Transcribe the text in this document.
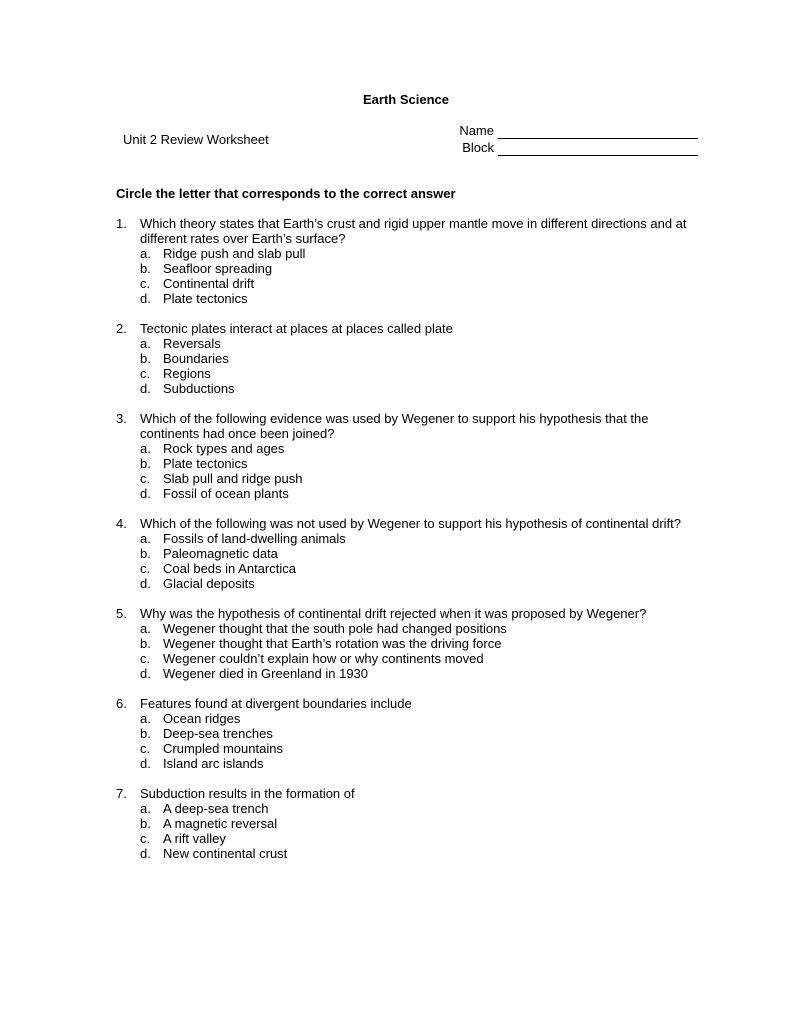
Earth Science
Unit 2 Review Worksheet
Name
Block
Circle the letter that corresponds to the correct answer
1. Which theory states that Earth’s crust and rigid upper mantle move in different directions and at different rates over Earth’s surface?
a. Ridge push and slab pull
b. Seafloor spreading
c. Continental drift
d. Plate tectonics
2. Tectonic plates interact at places at places called plate
a. Reversals
b. Boundaries
c. Regions
d. Subductions
3. Which of the following evidence was used by Wegener to support his hypothesis that the continents had once been joined?
a. Rock types and ages
b. Plate tectonics
c. Slab pull and ridge push
d. Fossil of ocean plants
4. Which of the following was not used by Wegener to support his hypothesis of continental drift?
a. Fossils of land-dwelling animals
b. Paleomagnetic data
c. Coal beds in Antarctica
d. Glacial deposits
5. Why was the hypothesis of continental drift rejected when it was proposed by Wegener?
a. Wegener thought that the south pole had changed positions
b. Wegener thought that Earth’s rotation was the driving force
c. Wegener couldn’t explain how or why continents moved
d. Wegener died in Greenland in 1930
6. Features found at divergent boundaries include
a. Ocean ridges
b. Deep-sea trenches
c. Crumpled mountains
d. Island arc islands
7. Subduction results in the formation of
a. A deep-sea trench
b. A magnetic reversal
c. A rift valley
d. New continental crust
